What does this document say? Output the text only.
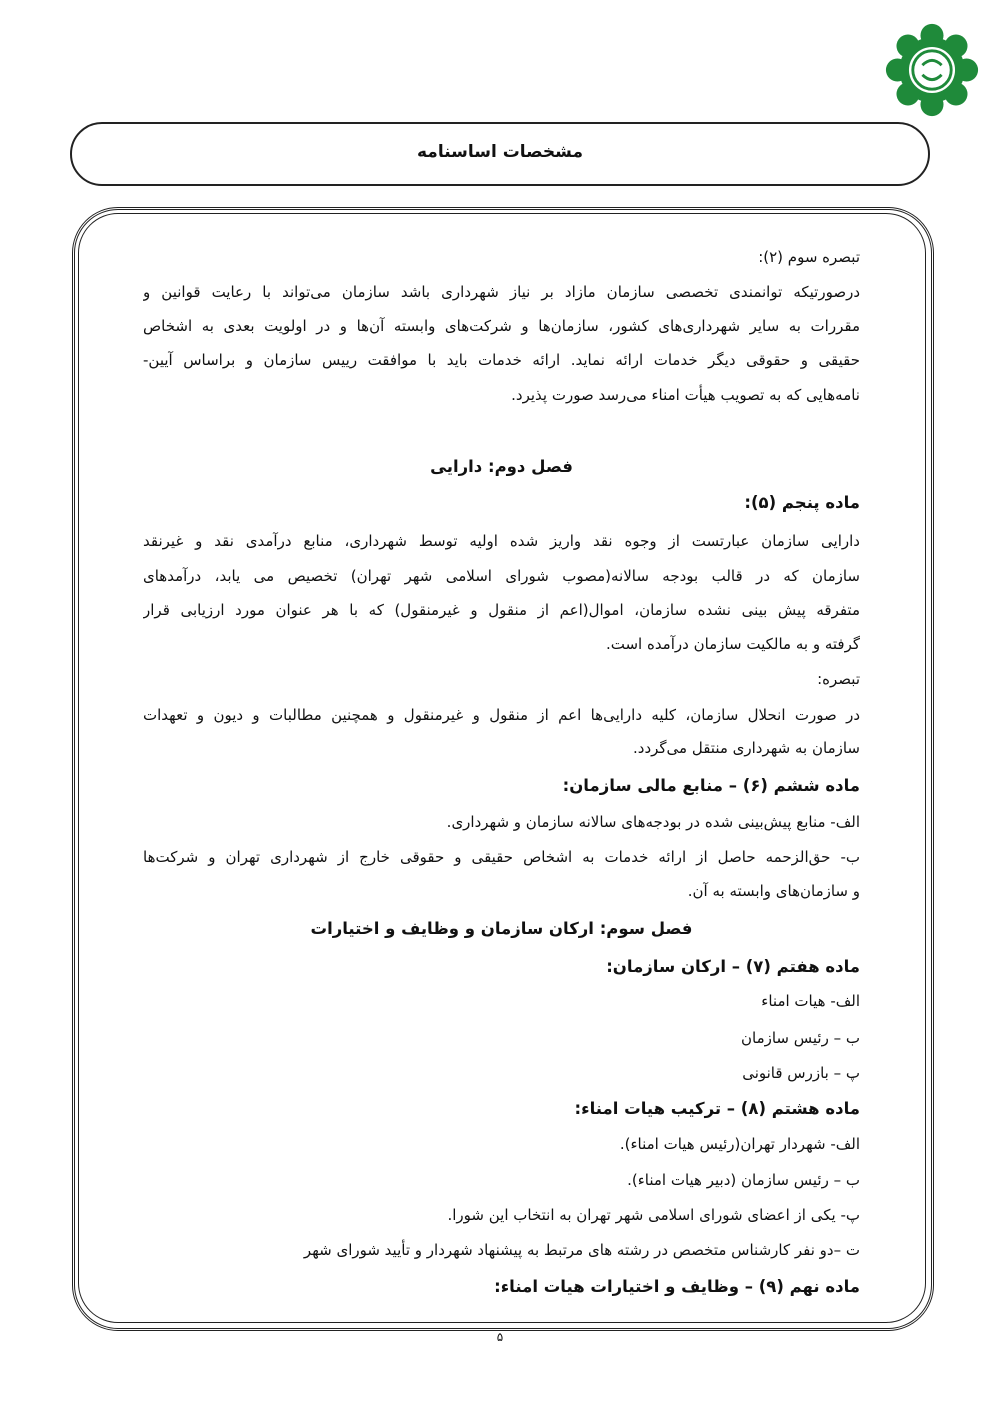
مشخصات اساسنامه
تبصره سوم (۲):
درصورتیکه توانمندی تخصصی سازمان مازاد بر نیاز شهرداری باشد سازمان می‌تواند با رعایت قوانین و
مقررات به سایر شهرداری‌های کشور، سازمان‌ها و شرکت‌های وابسته آن‌ها و در اولویت بعدی به اشخاص
حقیقی و حقوقی دیگر خدمات ارائه نماید. ارائه خدمات باید با موافقت رییس سازمان و براساس آیین-
نامه‌هایی که به تصویب هیأت امناء می‌رسد صورت پذیرد.
فصل دوم: دارایی
ماده پنجم (۵):
دارایی سازمان عبارتست از وجوه نقد واریز شده اولیه توسط شهرداری، منابع درآمدی نقد و غیرنقد
سازمان که در قالب بودجه سالانه(مصوب شورای اسلامی شهر تهران) تخصیص می یابد، درآمدهای
متفرقه پیش بینی نشده سازمان، اموال(اعم از منقول و غیرمنقول) که با هر عنوان مورد ارزیابی قرار
گرفته و به مالکیت سازمان درآمده است.
تبصره:
در صورت انحلال سازمان، کلیه دارایی‌ها اعم از منقول و غیرمنقول و همچنین مطالبات و دیون و تعهدات
سازمان به شهرداری منتقل می‌گردد.
ماده ششم (۶) – منابع مالی سازمان:
الف- منابع پیش‌بینی شده در بودجه‌های سالانه سازمان و شهرداری.
ب- حق‌الزحمه حاصل از ارائه خدمات به اشخاص حقیقی و حقوقی خارج از شهرداری تهران و شرکت‌ها
و سازمان‌های وابسته به آن.
فصل سوم: ارکان سازمان و وظایف و اختیارات
ماده هفتم (۷) – ارکان سازمان:
الف- هیات امناء
ب – رئیس سازمان
پ – بازرس قانونی
ماده هشتم (۸) – ترکیب هیات امناء:
الف- شهردار تهران(رئیس هیات امناء).
ب – رئیس سازمان (دبیر هیات امناء).
پ- یکی از اعضای شورای اسلامی شهر تهران به انتخاب این شورا.
ت –دو نفر کارشناس متخصص در رشته های مرتبط به پیشنهاد شهردار و تأیید شورای شهر
ماده نهم (۹) – وظایف و اختیارات هیات امناء:
۵
